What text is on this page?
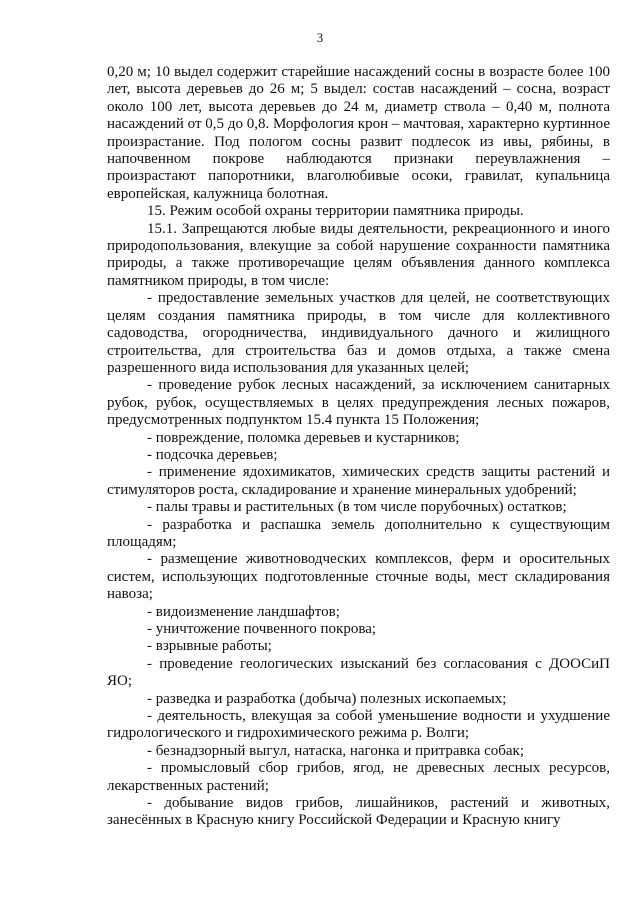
3

0,20 м; 10 выдел содержит старейшие насаждений сосны в возрасте более 100 лет, высота деревьев до 26 м; 5 выдел: состав насаждений – сосна, возраст около 100 лет, высота деревьев до 24 м, диаметр ствола – 0,40 м, полнота насаждений от 0,5 до 0,8. Морфология крон – мачтовая, характерно куртинное произрастание. Под пологом сосны развит подлесок из ивы, рябины, в напочвенном покрове наблюдаются признаки переувлажнения – произрастают папоротники, влаголюбивые осоки, гравилат, купальница европейская, калужница болотная.

15. Режим особой охраны территории памятника природы.

15.1. Запрещаются любые виды деятельности, рекреационного и иного природопользования, влекущие за собой нарушение сохранности памятника природы, а также противоречащие целям объявления данного комплекса памятником природы, в том числе:

- предоставление земельных участков для целей, не соответствующих целям создания памятника природы, в том числе для коллективного садоводства, огородничества, индивидуального дачного и жилищного строительства, для строительства баз и домов отдыха, а также смена разрешенного вида использования для указанных целей;

- проведение рубок лесных насаждений, за исключением санитарных рубок, рубок, осуществляемых в целях предупреждения лесных пожаров, предусмотренных подпунктом 15.4 пункта 15 Положения;

- повреждение, поломка деревьев и кустарников;

- подсочка деревьев;

- применение ядохимикатов, химических средств защиты растений и стимуляторов роста, складирование и хранение минеральных удобрений;

- палы травы и растительных (в том числе порубочных) остатков;

- разработка и распашка земель дополнительно к существующим площадям;

- размещение животноводческих комплексов, ферм и оросительных систем, использующих подготовленные сточные воды, мест складирования навоза;

- видоизменение ландшафтов;

- уничтожение почвенного покрова;

- взрывные работы;

- проведение геологических изысканий без согласования с ДООСиП ЯО;

- разведка и разработка (добыча) полезных ископаемых;

- деятельность, влекущая за собой уменьшение водности и ухудшение гидрологического и гидрохимического режима р. Волги;

- безнадзорный выгул, натаска, нагонка и притравка собак;

- промысловый сбор грибов, ягод, не древесных лесных ресурсов, лекарственных растений;

- добывание видов грибов, лишайников, растений и животных, занесённых в Красную книгу Российской Федерации и Красную книгу
